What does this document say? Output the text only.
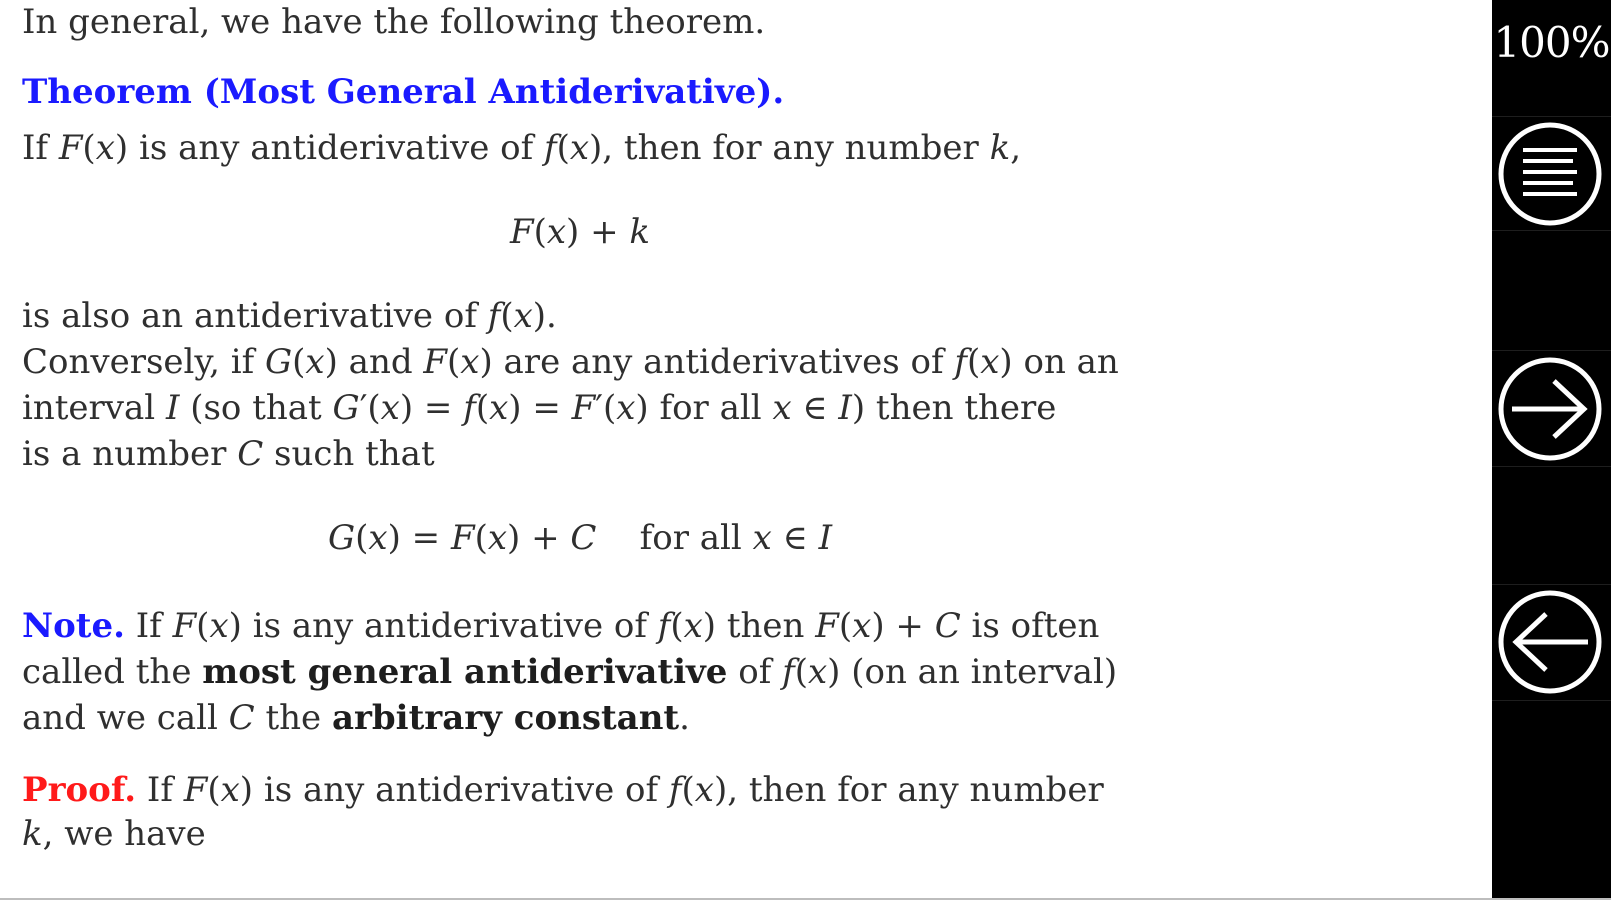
In general, we have the following theorem.

Theorem (Most General Antiderivative).

If F(x) is any antiderivative of f(x), then for any number k,

F(x) + k

is also an antiderivative of f(x).

Conversely, if G(x) and F(x) are any antiderivatives of f(x) on an

interval I (so that G′(x) = f(x) = F′(x) for all x ∈ I) then there

is a number C such that

G(x) = F(x) + C    for all x ∈ I

Note. If F(x) is any antiderivative of f(x) then F(x) + C is often

called the most general antiderivative of f(x) (on an interval)

and we call C the arbitrary constant.

Proof. If F(x) is any antiderivative of f(x), then for any number

k, we have

100%
